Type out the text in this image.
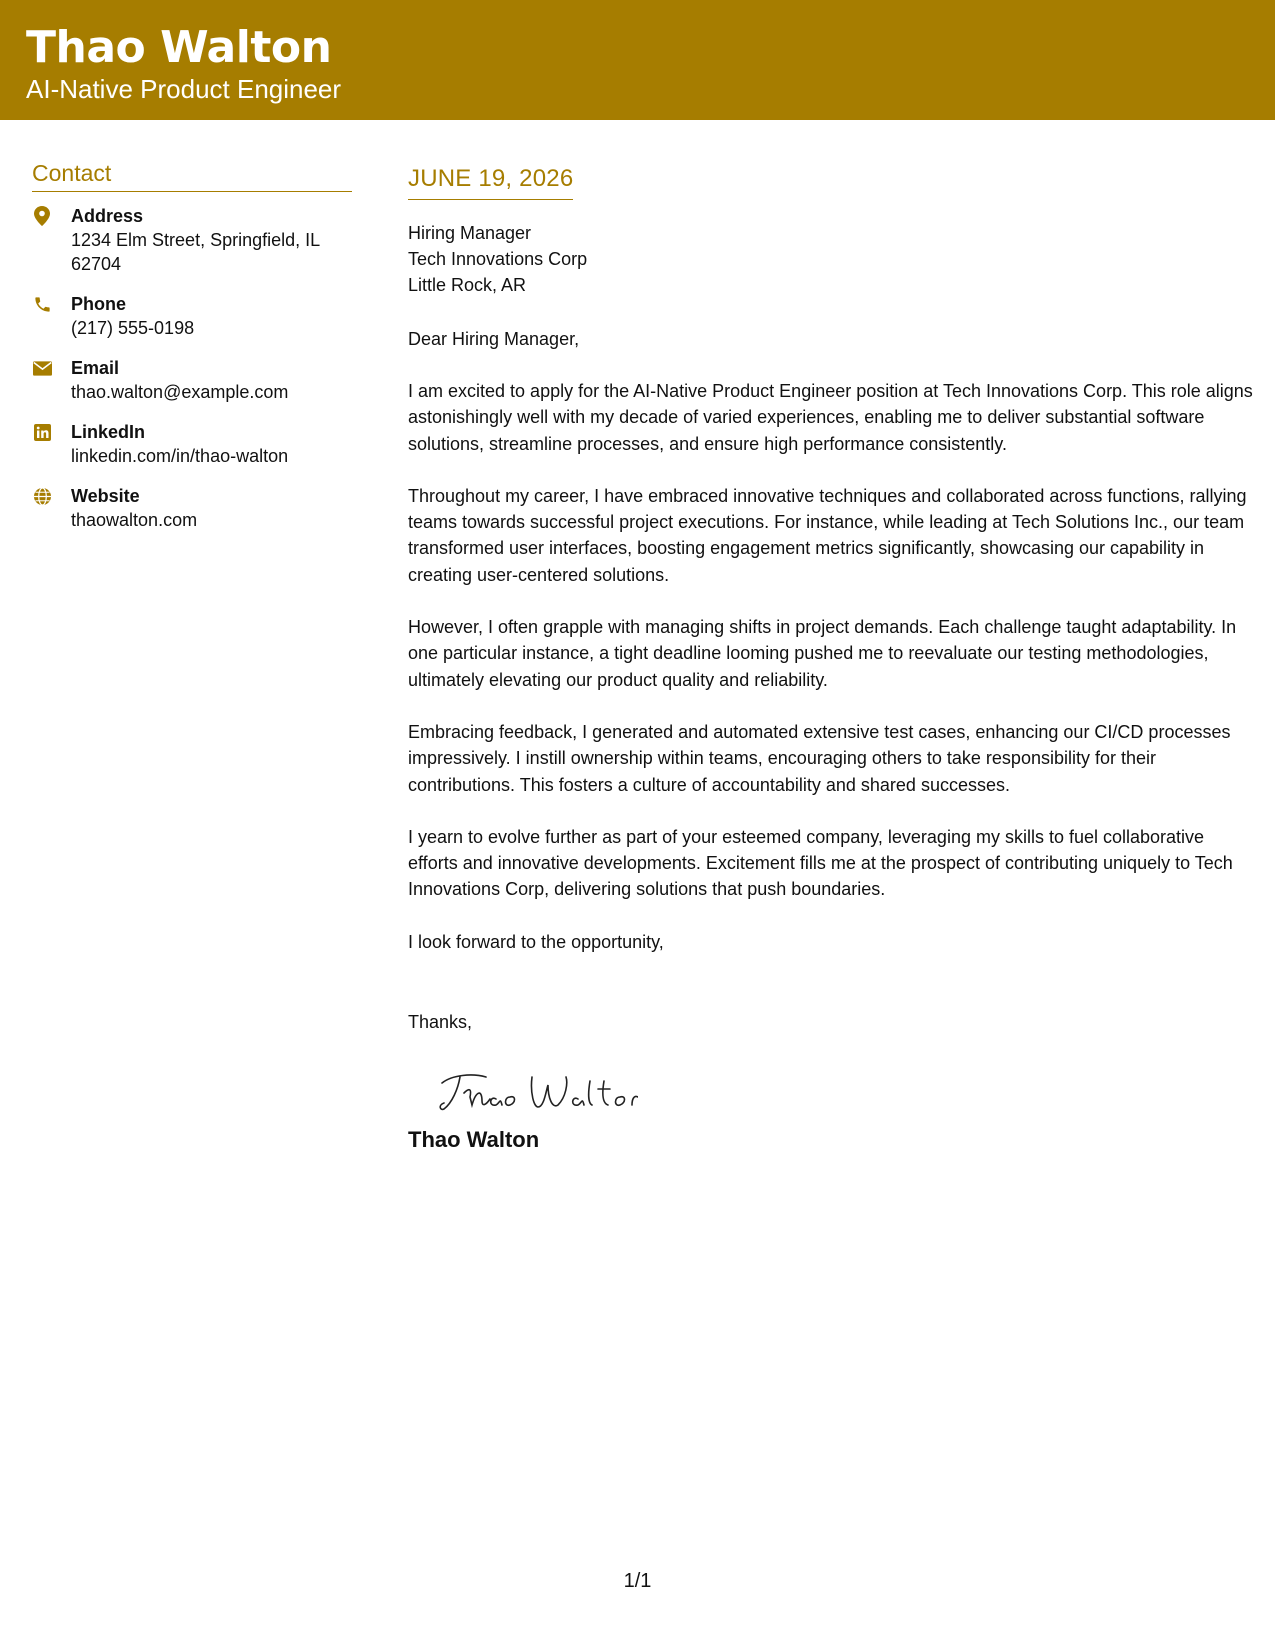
Thao Walton
AI-Native Product Engineer
Contact
Address
1234 Elm Street, Springfield, IL 62704
Phone
(217) 555-0198
Email
thao.walton@example.com
LinkedIn
linkedin.com/in/thao-walton
Website
thaowalton.com
JUNE 19, 2026
Hiring Manager
Tech Innovations Corp
Little Rock, AR
Dear Hiring Manager,
I am excited to apply for the AI-Native Product Engineer position at Tech Innovations Corp. This role aligns astonishingly well with my decade of varied experiences, enabling me to deliver substantial software solutions, streamline processes, and ensure high performance consistently.
Throughout my career, I have embraced innovative techniques and collaborated across functions, rallying teams towards successful project executions. For instance, while leading at Tech Solutions Inc., our team transformed user interfaces, boosting engagement metrics significantly, showcasing our capability in creating user-centered solutions.
However, I often grapple with managing shifts in project demands. Each challenge taught adaptability. In one particular instance, a tight deadline looming pushed me to reevaluate our testing methodologies, ultimately elevating our product quality and reliability.
Embracing feedback, I generated and automated extensive test cases, enhancing our CI/CD processes impressively. I instill ownership within teams, encouraging others to take responsibility for their contributions. This fosters a culture of accountability and shared successes.
I yearn to evolve further as part of your esteemed company, leveraging my skills to fuel collaborative efforts and innovative developments. Excitement fills me at the prospect of contributing uniquely to Tech Innovations Corp, delivering solutions that push boundaries.
I look forward to the opportunity,
Thanks,
Thao Walton
1/1
